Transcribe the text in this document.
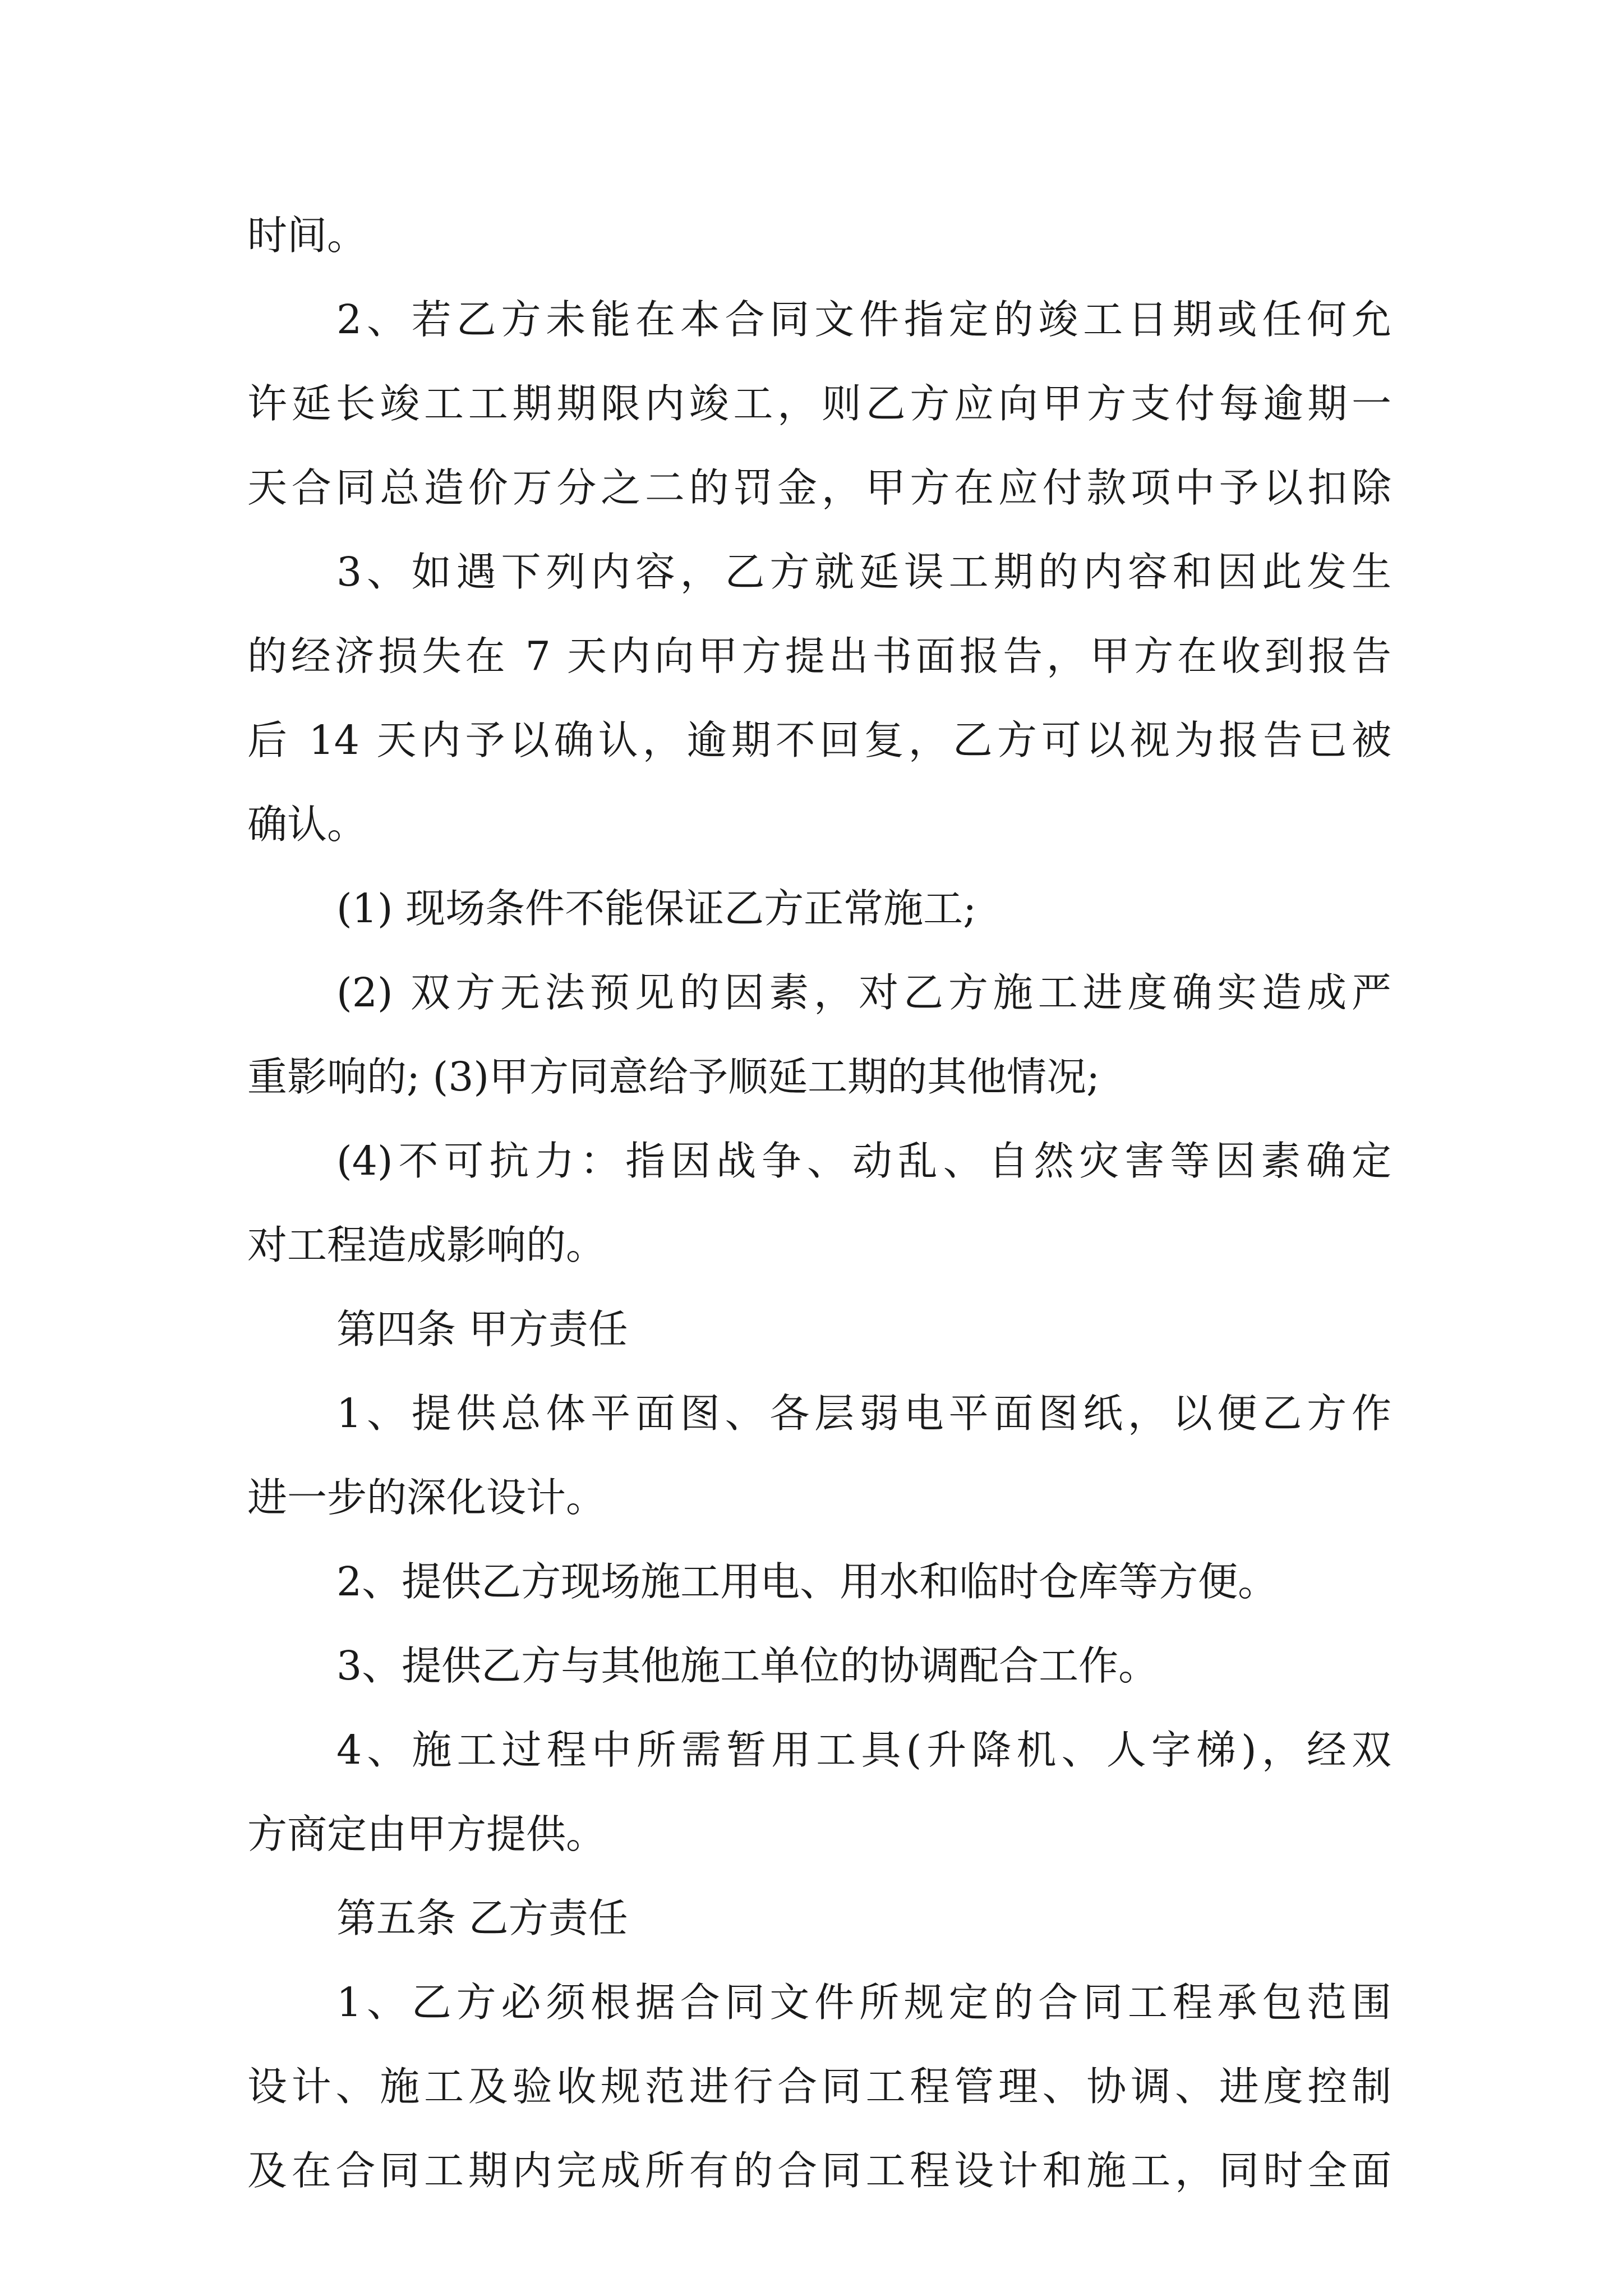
时间。
2、若乙方未能在本合同文件指定的竣工日期或任何允
许延长竣工工期期限内竣工，则乙方应向甲方支付每逾期一
天合同总造价万分之二的罚金，甲方在应付款项中予以扣除
3、如遇下列内容，乙方就延误工期的内容和因此发生
的经济损失在 7 天内向甲方提出书面报告，甲方在收到报告
后 14 天内予以确认，逾期不回复，乙方可以视为报告已被
确认。
(1) 现场条件不能保证乙方正常施工;
(2) 双方无法预见的因素，对乙方施工进度确实造成严
重影响的; (3)甲方同意给予顺延工期的其他情况;
(4)不可抗力：指因战争、动乱、自然灾害等因素确定
对工程造成影响的。
第四条 甲方责任
1、提供总体平面图、各层弱电平面图纸，以便乙方作
进一步的深化设计。
2、提供乙方现场施工用电、用水和临时仓库等方便。
3、提供乙方与其他施工单位的协调配合工作。
4、施工过程中所需暂用工具(升降机、人字梯)，经双
方商定由甲方提供。
第五条 乙方责任
1、乙方必须根据合同文件所规定的合同工程承包范围
设计、施工及验收规范进行合同工程管理、协调、进度控制
及在合同工期内完成所有的合同工程设计和施工，同时全面
